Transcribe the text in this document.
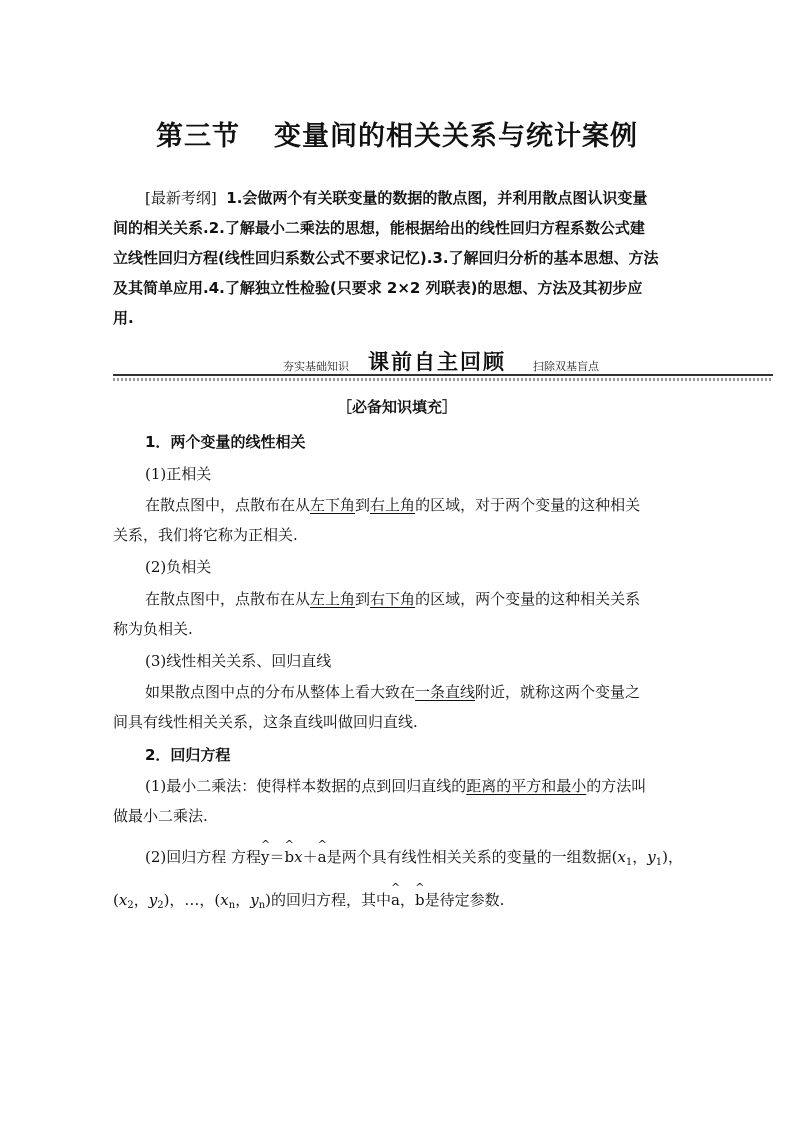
第三节 变量间的相关关系与统计案例
[最新考纲] 1.会做两个有关联变量的数据的散点图，并利用散点图认识变量
间的相关关系.2.了解最小二乘法的思想，能根据给出的线性回归方程系数公式建
立线性回归方程(线性回归系数公式不要求记忆).3.了解回归分析的基本思想、方法
及其简单应用.4.了解独立性检验(只要求 2×2 列联表)的思想、方法及其初步应
用.
夯实基础知识 课前自主回顾 扫除双基盲点
［必备知识填充］
1．两个变量的线性相关
(1)正相关
在散点图中，点散布在从左下角到右上角的区域，对于两个变量的这种相关
关系，我们将它称为正相关.
(2)负相关
在散点图中，点散布在从左上角到右下角的区域，两个变量的这种相关关系
称为负相关.
(3)线性相关关系、回归直线
如果散点图中点的分布从整体上看大致在一条直线附近，就称这两个变量之
间具有线性相关关系，这条直线叫做回归直线.
2．回归方程
(1)最小二乘法：使得样本数据的点到回归直线的距离的平方和最小的方法叫
做最小二乘法.
(2)回归方程 方程^ y＝^ bx＋^ a是两个具有线性相关关系的变量的一组数据($x_1$，$y_1$)，
($x_2$，$y_2$)，…，($x_n$，$y_n$)的回归方程，其中^ a，^ b是待定参数.
